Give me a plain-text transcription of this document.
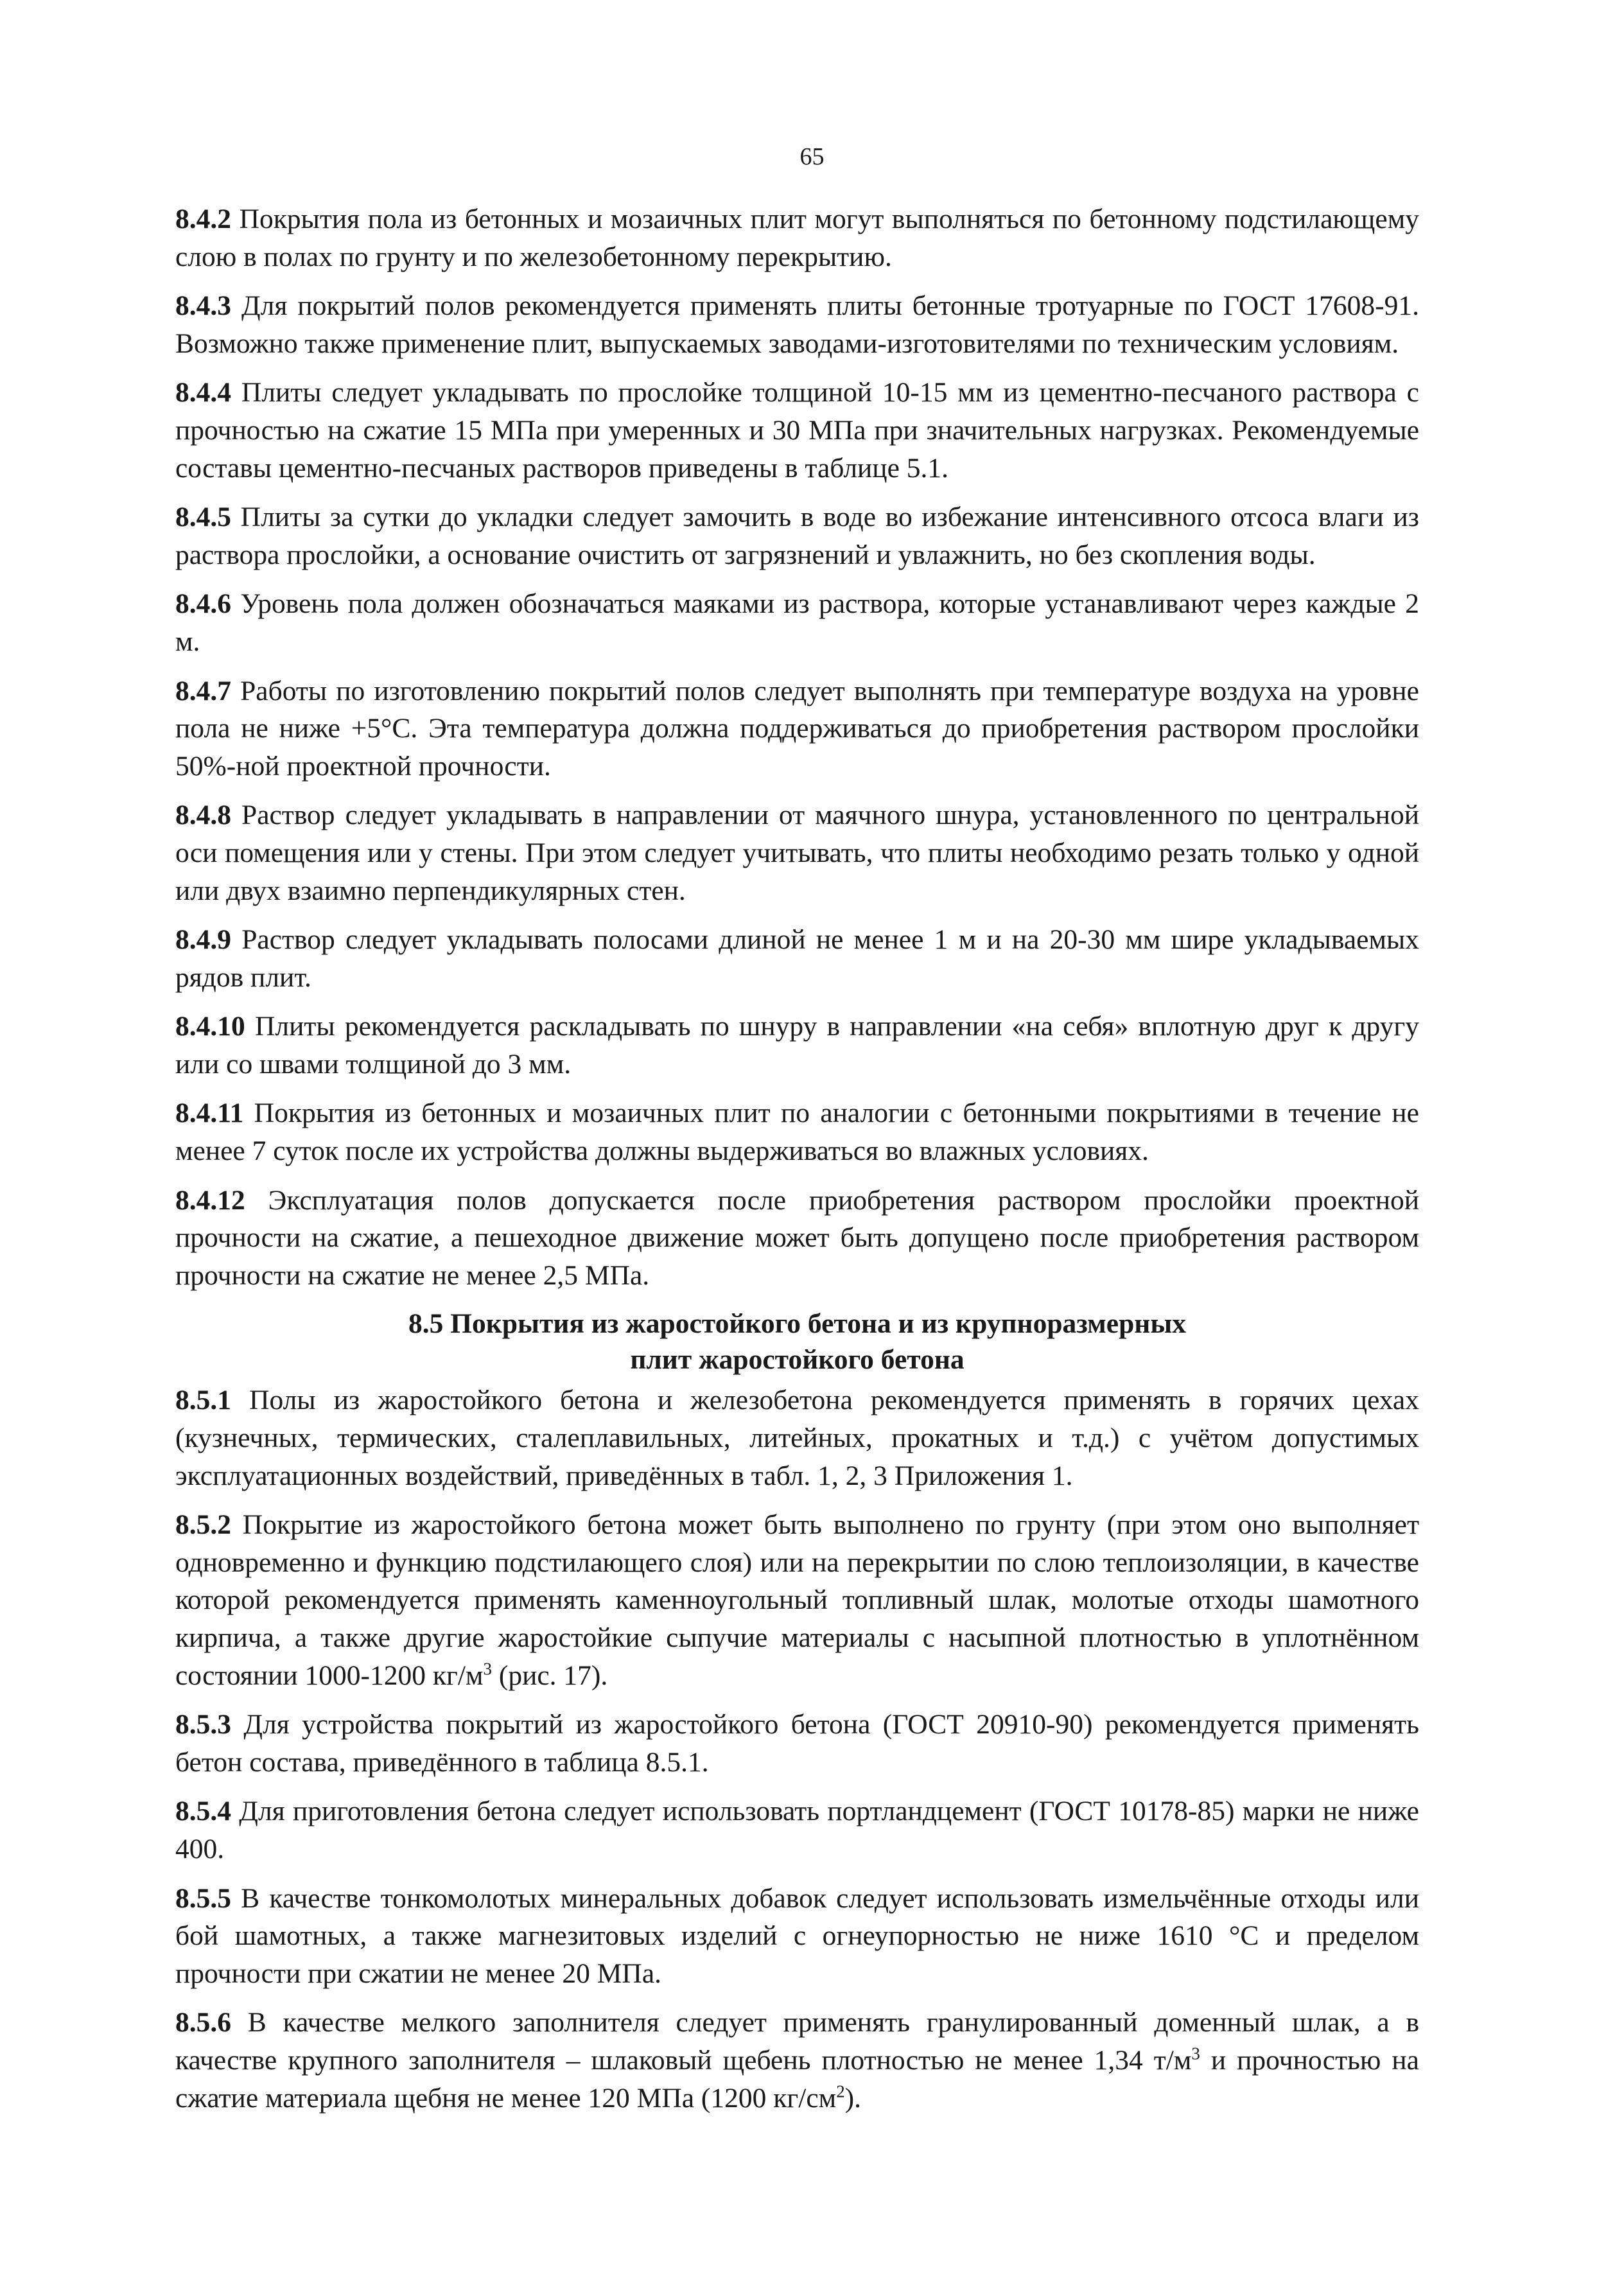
65

8.4.2 Покрытия пола из бетонных и мозаичных плит могут выполняться по бетонному подстилающему слою в полах по грунту и по железобетонному перекрытию.

8.4.3 Для покрытий полов рекомендуется применять плиты бетонные тротуарные по ГОСТ 17608-91. Возможно также применение плит, выпускаемых заводами-изготовителями по техническим условиям.

8.4.4 Плиты следует укладывать по прослойке толщиной 10-15 мм из цементно-песчаного раствора с прочностью на сжатие 15 МПа при умеренных и 30 МПа при значительных нагрузках. Рекомендуемые составы цементно-песчаных растворов приведены в таблице 5.1.

8.4.5 Плиты за сутки до укладки следует замочить в воде во избежание интенсивного отсоса влаги из раствора прослойки, а основание очистить от загрязнений и увлажнить, но без скопления воды.

8.4.6 Уровень пола должен обозначаться маяками из раствора, которые устанавливают через каждые 2 м.

8.4.7 Работы по изготовлению покрытий полов следует выполнять при температуре воздуха на уровне пола не ниже +5°С. Эта температура должна поддерживаться до приобретения раствором прослойки 50%-ной проектной прочности.

8.4.8 Раствор следует укладывать в направлении от маячного шнура, установленного по центральной оси помещения или у стены. При этом следует учитывать, что плиты необходимо резать только у одной или двух взаимно перпендикулярных стен.

8.4.9 Раствор следует укладывать полосами длиной не менее 1 м и на 20-30 мм шире укладываемых рядов плит.

8.4.10 Плиты рекомендуется раскладывать по шнуру в направлении «на себя» вплотную друг к другу или со швами толщиной до 3 мм.

8.4.11 Покрытия из бетонных и мозаичных плит по аналогии с бетонными покрытиями в течение не менее 7 суток после их устройства должны выдерживаться во влажных условиях.

8.4.12 Эксплуатация полов допускается после приобретения раствором прослойки проектной прочности на сжатие, а пешеходное движение может быть допущено после приобретения раствором прочности на сжатие не менее 2,5 МПа.

8.5 Покрытия из жаростойкого бетона и из крупноразмерных
плит жаростойкого бетона

8.5.1 Полы из жаростойкого бетона и железобетона рекомендуется применять в горячих цехах (кузнечных, термических, сталеплавильных, литейных, прокатных и т.д.) с учётом допустимых эксплуатационных воздействий, приведённых в табл. 1, 2, 3 Приложения 1.

8.5.2 Покрытие из жаростойкого бетона может быть выполнено по грунту (при этом оно выполняет одновременно и функцию подстилающего слоя) или на перекрытии по слою теплоизоляции, в качестве которой рекомендуется применять каменноугольный топливный шлак, молотые отходы шамотного кирпича, а также другие жаростойкие сыпучие материалы с насыпной плотностью в уплотнённом состоянии 1000-1200 $кг/м^3$ (рис. 17).

8.5.3 Для устройства покрытий из жаростойкого бетона (ГОСТ 20910-90) рекомендуется применять бетон состава, приведённого в таблица 8.5.1.

8.5.4 Для приготовления бетона следует использовать портландцемент (ГОСТ 10178-85) марки не ниже 400.

8.5.5 В качестве тонкомолотых минеральных добавок следует использовать измельчённые отходы или бой шамотных, а также магнезитовых изделий с огнеупорностью не ниже 1610 °С и пределом прочности при сжатии не менее 20 МПа.

8.5.6 В качестве мелкого заполнителя следует применять гранулированный доменный шлак, а в качестве крупного заполнителя – шлаковый щебень плотностью не менее 1,34 $т/м^3$ и прочностью на сжатие материала щебня не менее 120 МПа (1200 $кг/см^2$).
